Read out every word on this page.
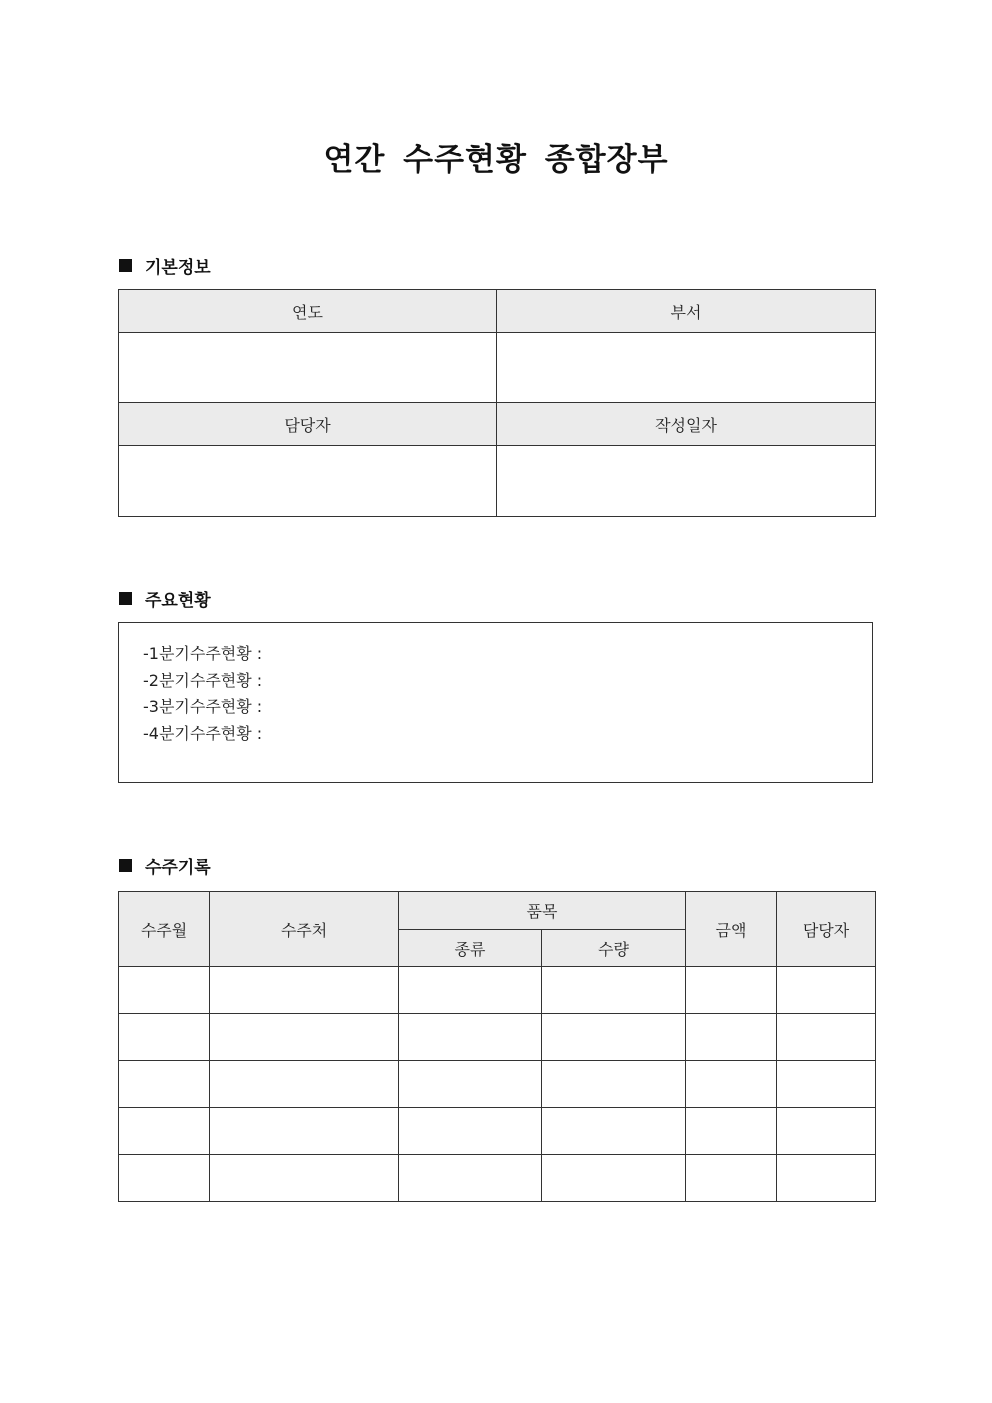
연간 수주현황 종합장부
기본정보
연도	부서

담당자	작성일자

주요현황
-1분기수주현황 :
-2분기수주현황 :
-3분기수주현황 :
-4분기수주현황 :
수주기록
수주월	수주처	품목		금액	담당자
		종류	수량		
